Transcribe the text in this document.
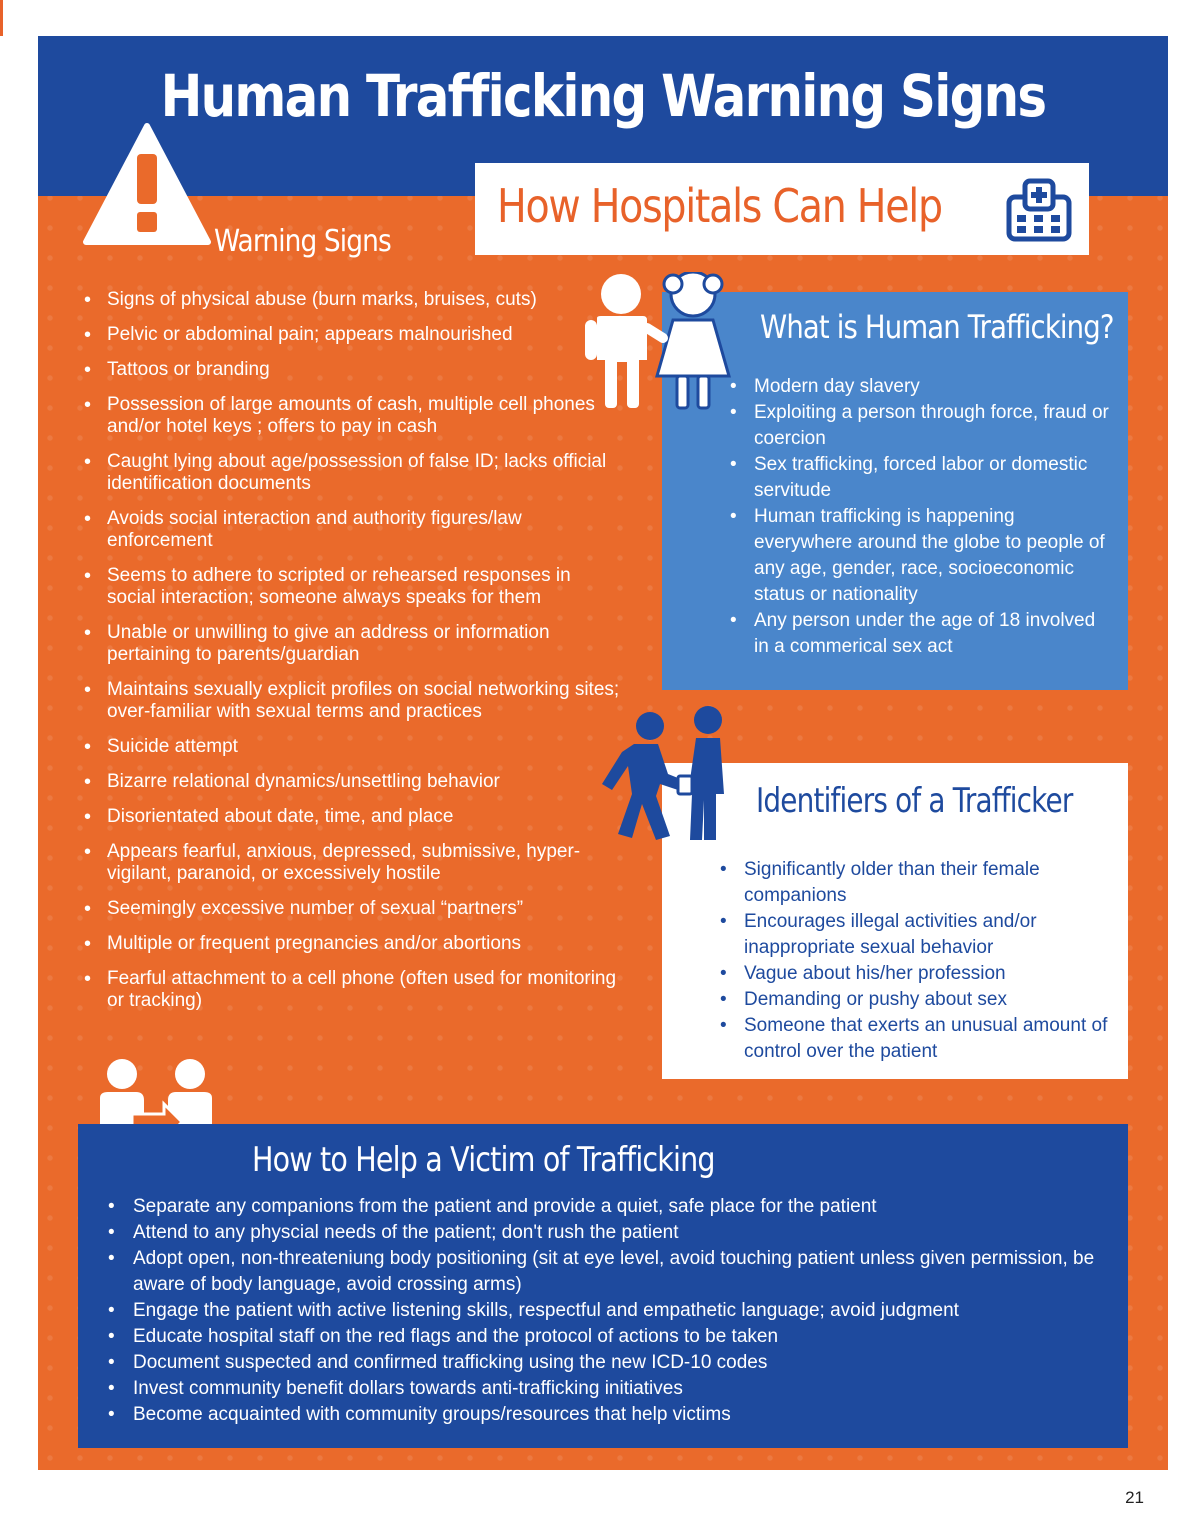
Human Trafficking Warning Signs
Warning Signs
How Hospitals Can Help
• Signs of physical abuse (burn marks, bruises, cuts)
• Pelvic or abdominal pain; appears malnourished
• Tattoos or branding
• Possession of large amounts of cash, multiple cell phones and/or hotel keys ; offers to pay in cash
• Caught lying about age/possession of false ID; lacks official identification documents
• Avoids social interaction and authority figures/law enforcement
• Seems to adhere to scripted or rehearsed responses in social interaction; someone always speaks for them
• Unable or unwilling to give an address or information pertaining to parents/guardian
• Maintains sexually explicit profiles on social networking sites; over-familiar with sexual terms and practices
• Suicide attempt
• Bizarre relational dynamics/unsettling behavior
• Disorientated about date, time, and place
• Appears fearful, anxious, depressed, submissive, hyper-vigilant, paranoid, or excessively hostile
• Seemingly excessive number of sexual “partners”
• Multiple or frequent pregnancies and/or abortions
• Fearful attachment to a cell phone (often used for monitoring or tracking)
What is Human Trafficking?
• Modern day slavery
• Exploiting a person through force, fraud or coercion
• Sex trafficking, forced labor or domestic servitude
• Human trafficking is happening everywhere around the globe to people of any age, gender, race, socioeconomic status or nationality
• Any person under the age of 18 involved in a commerical sex act
Identifiers of a Trafficker
• Significantly older than their female companions
• Encourages illegal activities and/or inappropriate sexual behavior
• Vague about his/her profession
• Demanding or pushy about sex
• Someone that exerts an unusual amount of control over the patient
How to Help a Victim of Trafficking
• Separate any companions from the patient and provide a quiet, safe place for the patient
• Attend to any physcial needs of the patient; don't rush the patient
• Adopt open, non-threateniung body positioning (sit at eye level, avoid touching patient unless given permission, be aware of body language, avoid crossing arms)
• Engage the patient with active listening skills, respectful and empathetic language; avoid judgment
• Educate hospital staff on the red flags and the protocol of actions to be taken
• Document suspected and confirmed trafficking using the new ICD-10 codes
• Invest community benefit dollars towards anti-trafficking initiatives
• Become acquainted with community groups/resources that help victims
21
